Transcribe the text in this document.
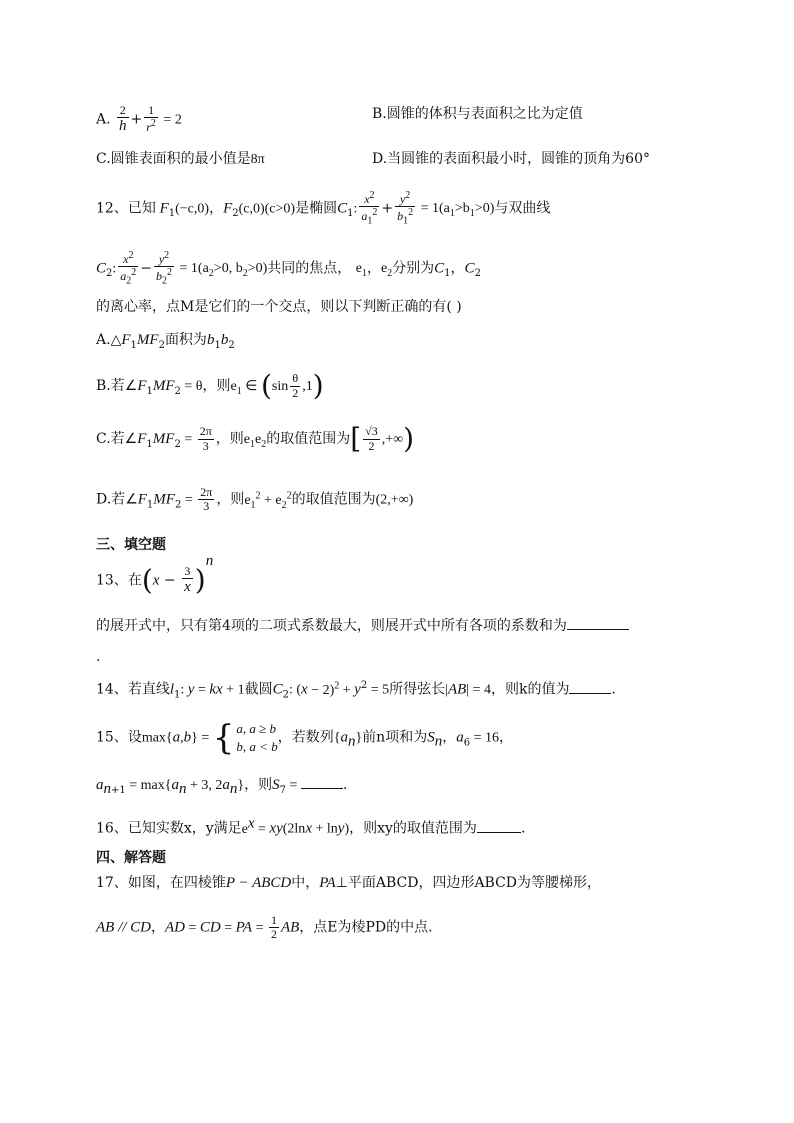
A.
2
$h + \frac{1}{r^2} = 2$	B.圆锥的体积与表面积之比为定值
C.圆锥表面积的最小值是8π	D.当圆锥的表面积最小时，圆锥的顶角为60°
12、已知 $F_1(-c,0)$，$F_2(c,0)(c>0)$是椭圆$C_1$: $\frac{x^2}{a_1^2} + \frac{y^2}{b_1^2} = 1(a_1>b_1>0)$与双曲线
$C_2$: $\frac{x^2}{a_2^2} - \frac{y^2}{b_2^2} = 1(a_2>0$, $b_2>0$)共同的焦点， $e_1$，$e_2$分别为$C_1$，$C_2$
的离心率，点M是它们的一个交点，则以下判断正确的有( )
$A.\triangle F_1MF_2$面积为$b_1b_2$
B.若$\angle F_1MF_2 = \theta$，则$e_1$ ∈ $(\sin \frac{\theta}{2} ,1)$
C.若$\angle F_1MF_2 = \frac{2\pi}{3}$ ，则$e_1e_2$的取值范围为[ $\frac{√3}{2}$ ,+∞)
D.若$\angle F_1MF_2 = \frac{2\pi}{3}$ ，则$e_1^2 + e_2^2$的取值范围为(2,+∞)
三、填空题
13、在(x −
3
x )$^n$
的展开式中，只有第4项的二项式系数最大，则展开式中所有各项的系数和为
.
14、若直线$l_1$: y = kx + 1截圆$C_2$: $(x - 2)^2 + y^2 = 5$所得弦长|AB| = 4，则k的值为	.
15、设max{a,b} = { a, a ≥ b
b, a < b
，若数列$\{a_n\}$前n项和为$S_n$，$a_6 = 16$，
$a_{n+1} = \max\{a_n + 3$, $2a_n$}，则$S_7$ =	.
16、已知实数x，y满足$e^x = xy(2\ln x + \ln y)$，则xy的取值范围为	.
四、解答题
17、如图，在四棱锥P − ABCD中，PA⊥平面ABCD，四边形ABCD为等腰梯形，
AB // CD，AD = CD = PA = $\frac{1}{2}$ AB，点E为棱PD的中点.
